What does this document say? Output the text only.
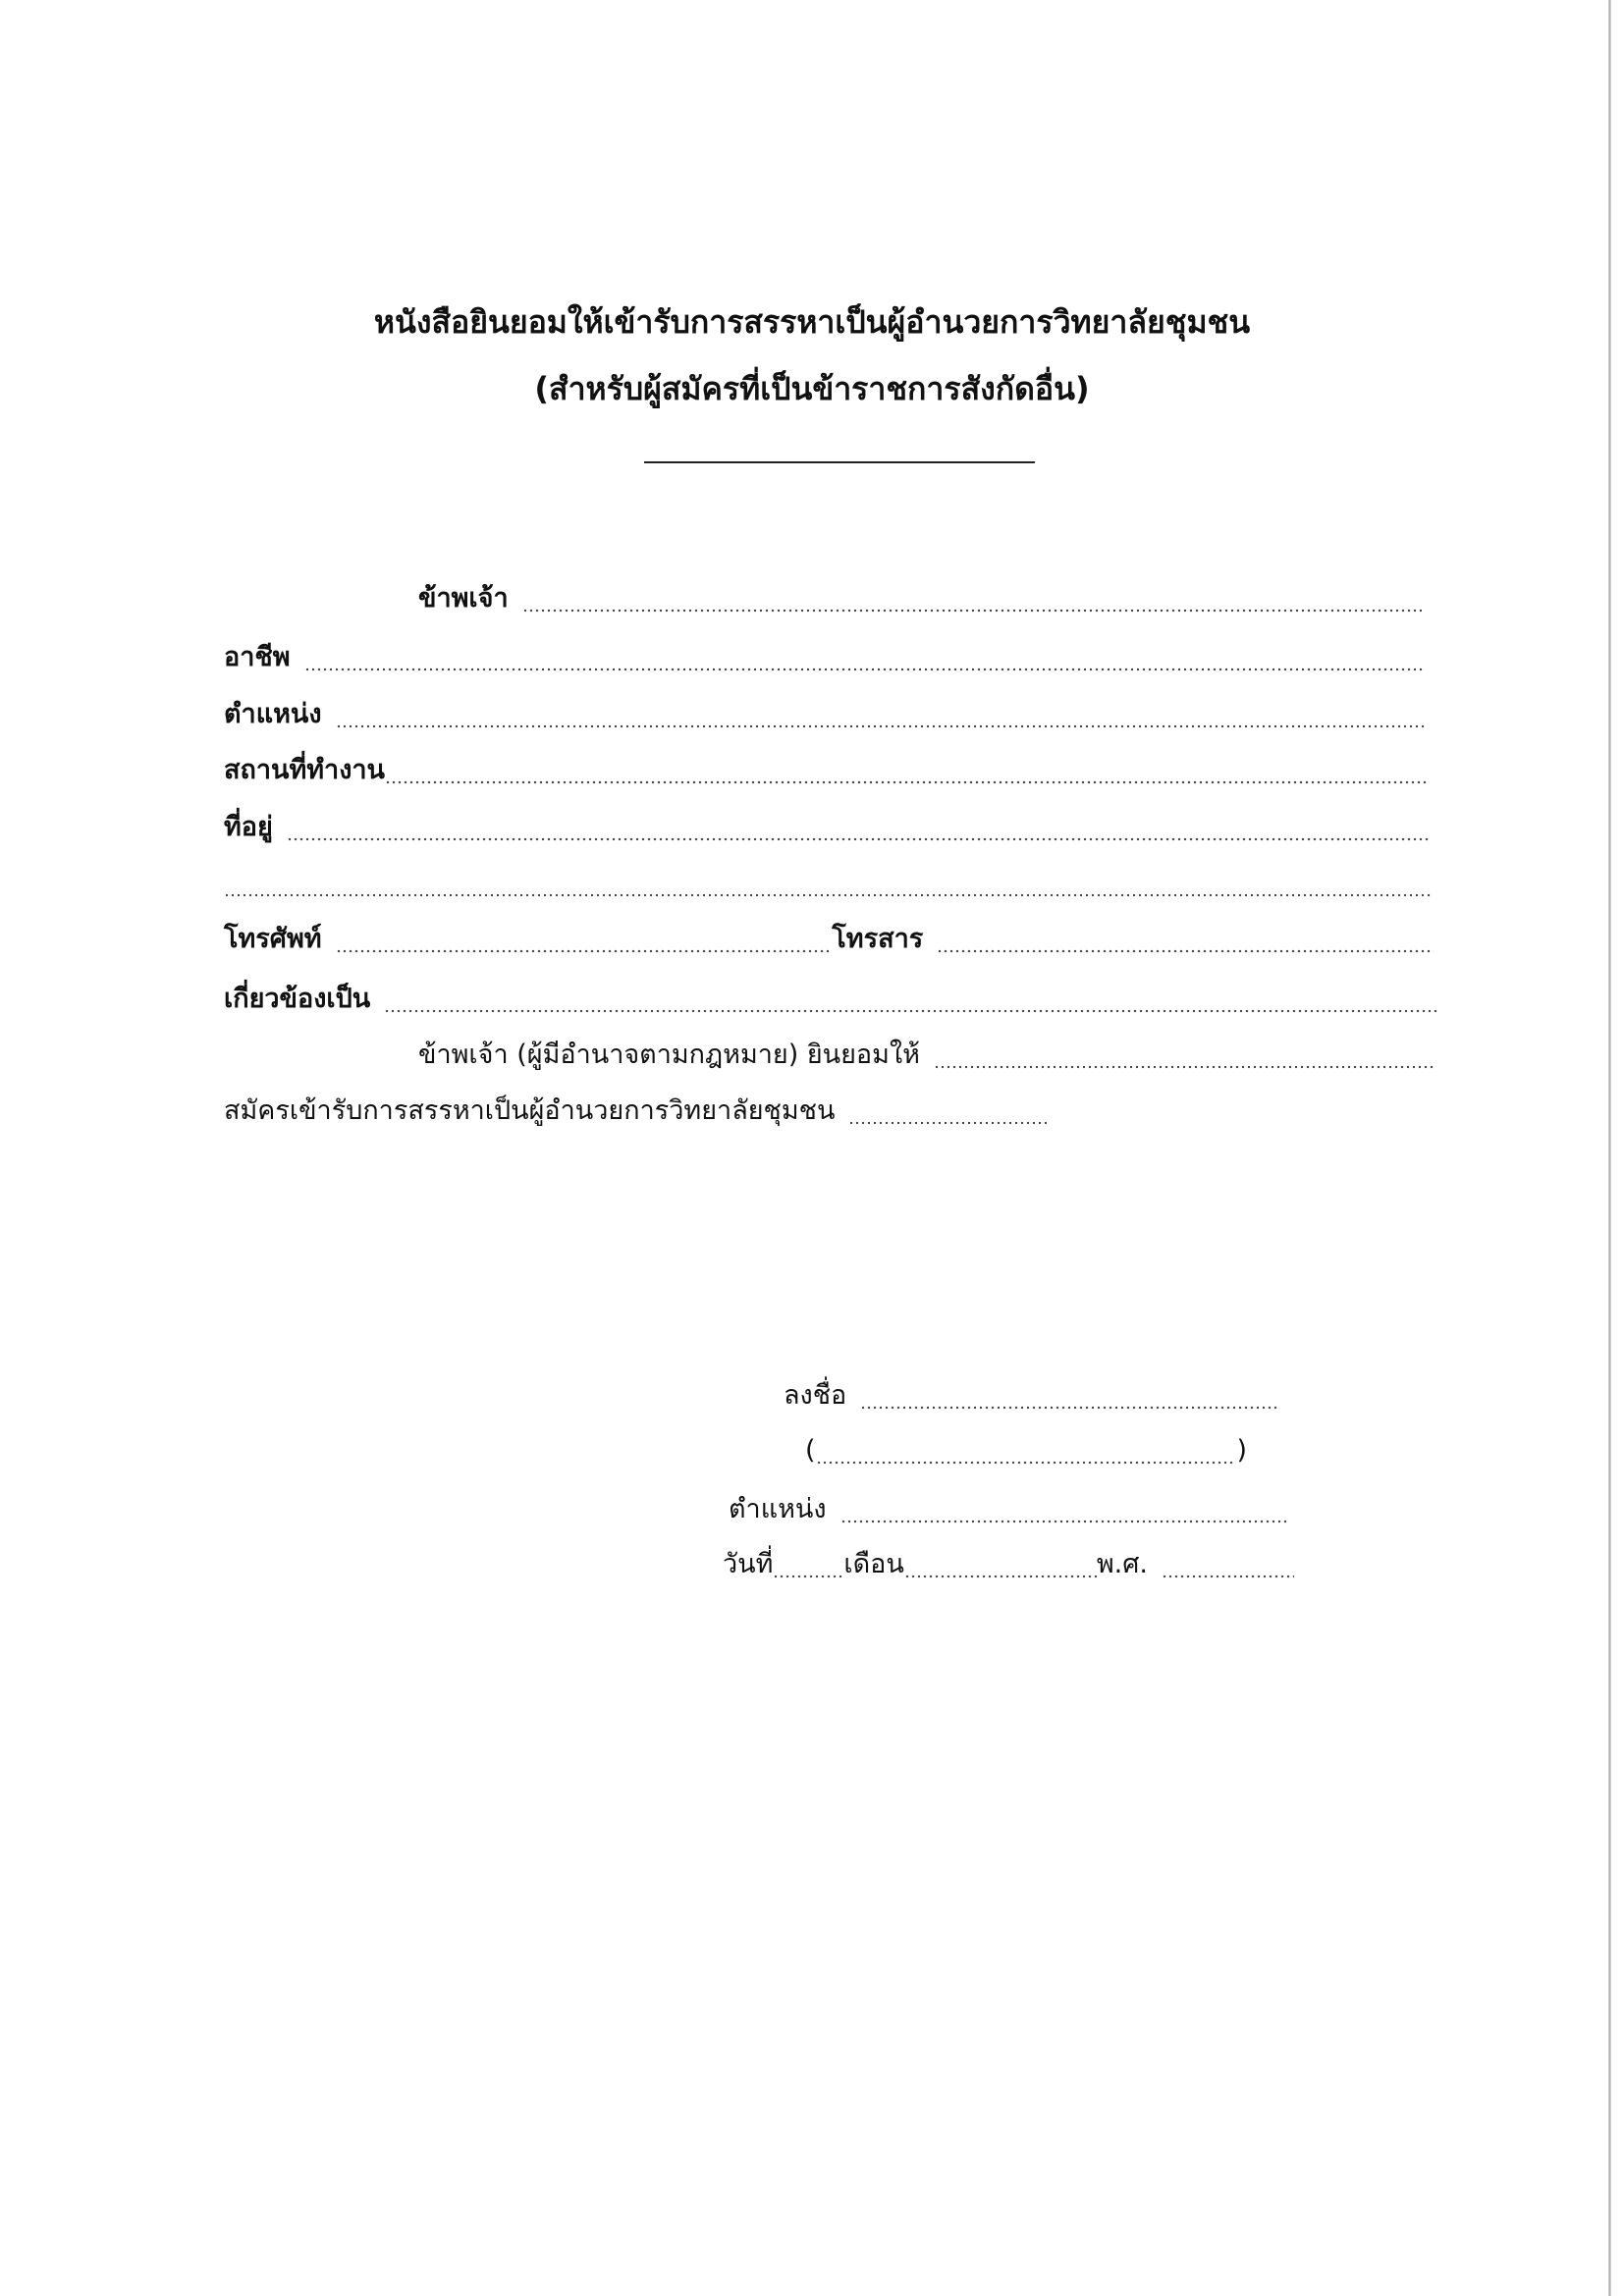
หนังสือยินยอมให้เข้ารับการสรรหาเป็นผู้อำนวยการวิทยาลัยชุมชน
(สำหรับผู้สมัครที่เป็นข้าราชการสังกัดอื่น)
ข้าพเจ้า
อาชีพ
ตำแหน่ง
สถานที่ทำงาน
ที่อยู่
โทรศัพท์	โทรสาร
เกี่ยวข้องเป็น
ข้าพเจ้า (ผู้มีอำนาจตามกฎหมาย) ยินยอมให้
สมัครเข้ารับการสรรหาเป็นผู้อำนวยการวิทยาลัยชุมชน
ลงชื่อ
(	)
ตำแหน่ง
วันที่	เดือน	พ.ศ.
